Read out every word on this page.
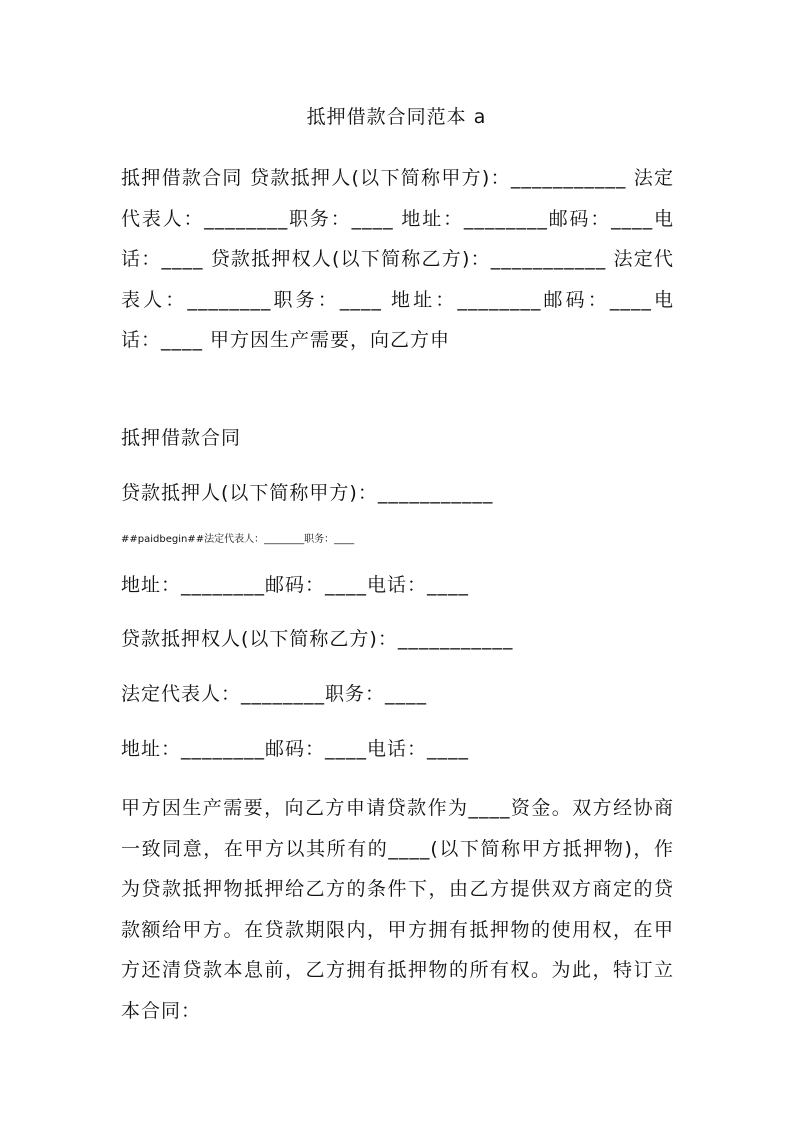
抵押借款合同范本 a

抵押借款合同 贷款抵押人(以下简称甲方)：___________ 法定代表人：________职务：____ 地址：________邮码：____电话：____ 贷款抵押权人(以下简称乙方)：___________ 法定代表人：________职务：____ 地址：________邮码：____电话：____ 甲方因生产需要，向乙方申

抵押借款合同

贷款抵押人(以下简称甲方)：___________

##paidbegin##法定代表人：________职务：____

地址：________邮码：____电话：____

贷款抵押权人(以下简称乙方)：___________

法定代表人：________职务：____

地址：________邮码：____电话：____

甲方因生产需要，向乙方申请贷款作为____资金。双方经协商一致同意，在甲方以其所有的____(以下简称甲方抵押物)，作为贷款抵押物抵押给乙方的条件下，由乙方提供双方商定的贷款额给甲方。在贷款期限内，甲方拥有抵押物的使用权，在甲方还清贷款本息前，乙方拥有抵押物的所有权。为此，特订立本合同：
